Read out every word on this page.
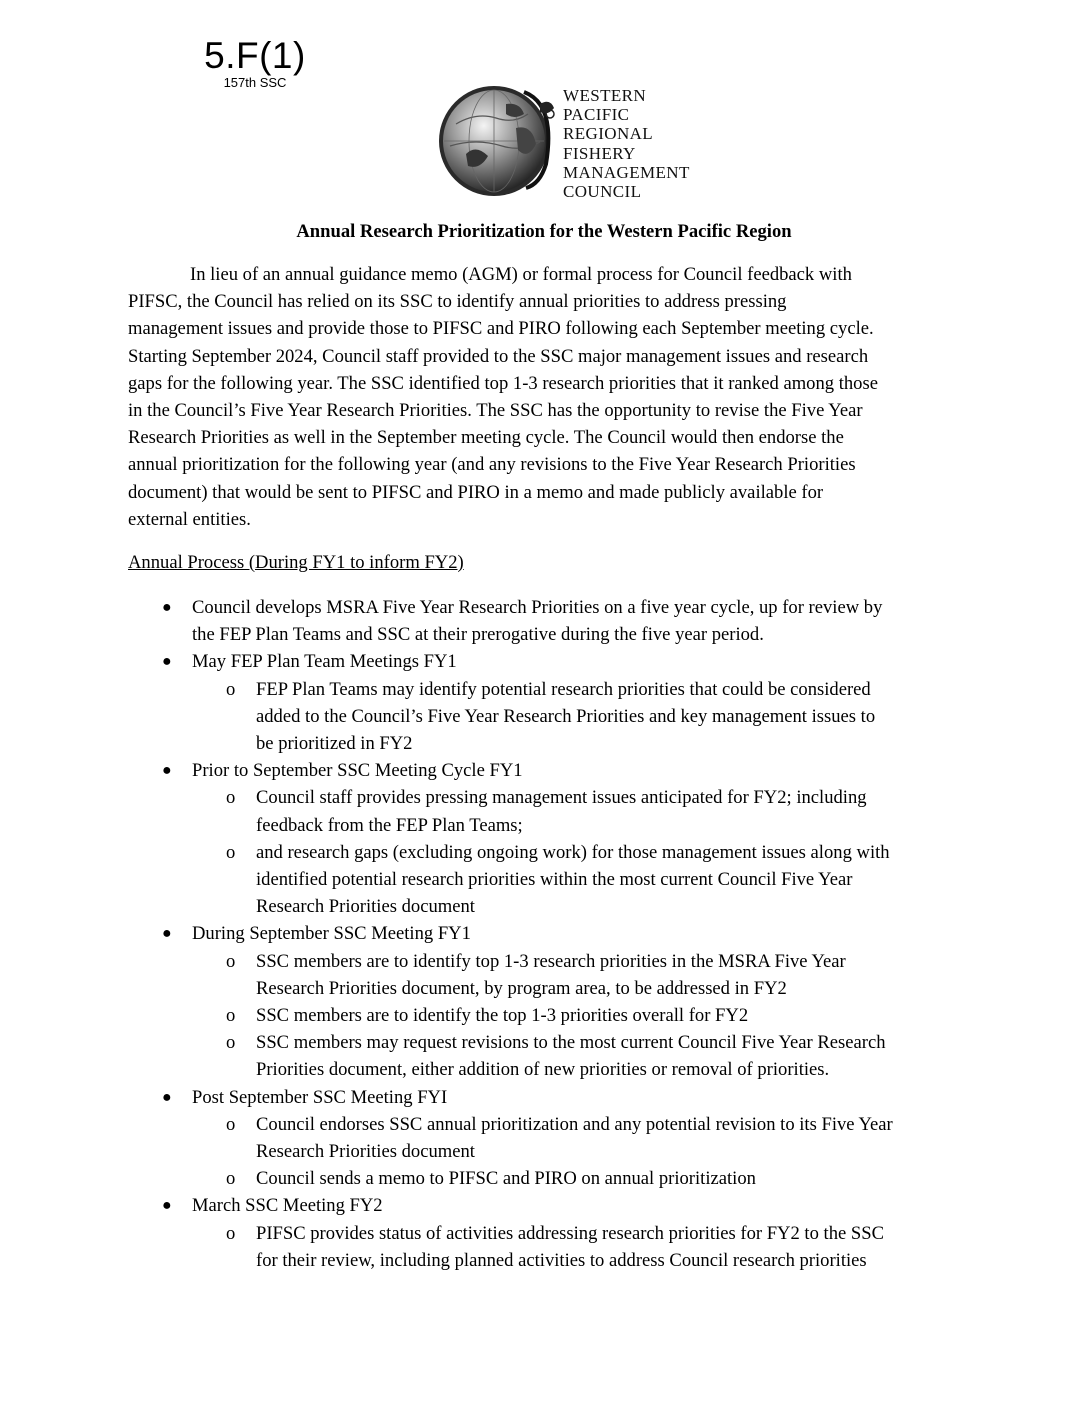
5.F(1)
157th SSC
WESTERN
PACIFIC
REGIONAL
FISHERY
MANAGEMENT
COUNCIL
Annual Research Prioritization for the Western Pacific Region
In lieu of an annual guidance memo (AGM) or formal process for Council feedback with
PIFSC, the Council has relied on its SSC to identify annual priorities to address pressing
management issues and provide those to PIFSC and PIRO following each September meeting cycle.
Starting September 2024, Council staff provided to the SSC major management issues and research
gaps for the following year. The SSC identified top 1-3 research priorities that it ranked among those
in the Council’s Five Year Research Priorities. The SSC has the opportunity to revise the Five Year
Research Priorities as well in the September meeting cycle. The Council would then endorse the
annual prioritization for the following year (and any revisions to the Five Year Research Priorities
document) that would be sent to PIFSC and PIRO in a memo and made publicly available for
external entities.
Annual Process (During FY1 to inform FY2)
● Council develops MSRA Five Year Research Priorities on a five year cycle, up for review by
the FEP Plan Teams and SSC at their prerogative during the five year period.
● May FEP Plan Team Meetings FY1
o FEP Plan Teams may identify potential research priorities that could be considered
added to the Council’s Five Year Research Priorities and key management issues to
be prioritized in FY2
● Prior to September SSC Meeting Cycle FY1
o Council staff provides pressing management issues anticipated for FY2; including
feedback from the FEP Plan Teams;
o and research gaps (excluding ongoing work) for those management issues along with
identified potential research priorities within the most current Council Five Year
Research Priorities document
● During September SSC Meeting FY1
o SSC members are to identify top 1-3 research priorities in the MSRA Five Year
Research Priorities document, by program area, to be addressed in FY2
o SSC members are to identify the top 1-3 priorities overall for FY2
o SSC members may request revisions to the most current Council Five Year Research
Priorities document, either addition of new priorities or removal of priorities.
● Post September SSC Meeting FYI
o Council endorses SSC annual prioritization and any potential revision to its Five Year
Research Priorities document
o Council sends a memo to PIFSC and PIRO on annual prioritization
● March SSC Meeting FY2
o PIFSC provides status of activities addressing research priorities for FY2 to the SSC
for their review, including planned activities to address Council research priorities
